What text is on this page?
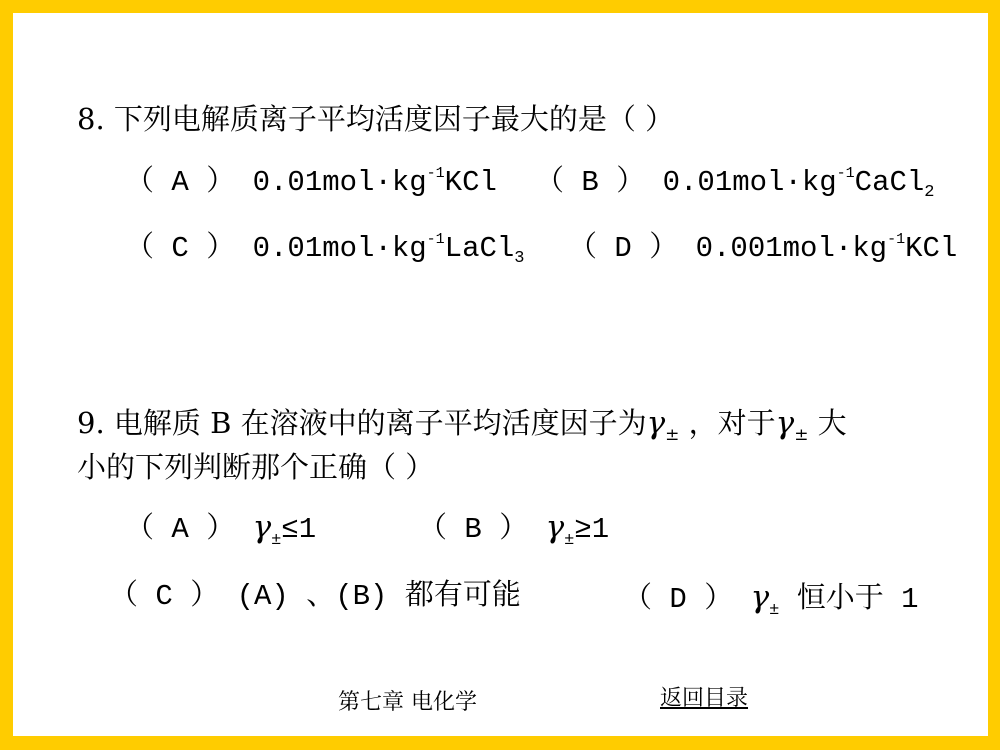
8. 下列电解质离子平均活度因子最大的是（ ）
（ A ） $0.01mol\cdot kg^{-1}KCl$ （ B ） $0.01mol\cdot kg^{-1}CaCl_2$
（ C ） $0.01mol\cdot kg^{-1}LaCl_3$ （ D ） $0.001mol\cdot kg^{-1}KCl$
9. 电解质 B 在溶液中的离子平均活度因子为$\gamma_\pm$ ，对于$\gamma_\pm$ 大
小的下列判断那个正确（ ）
（ A ） $\gamma_\pm\le 1$	（ B ） $\gamma_\pm\ge 1$
（ C ） (A) 、(B) 都有可能	（ D ） $\gamma_\pm$ 恒小于 1
第七章 电化学	返回目录
